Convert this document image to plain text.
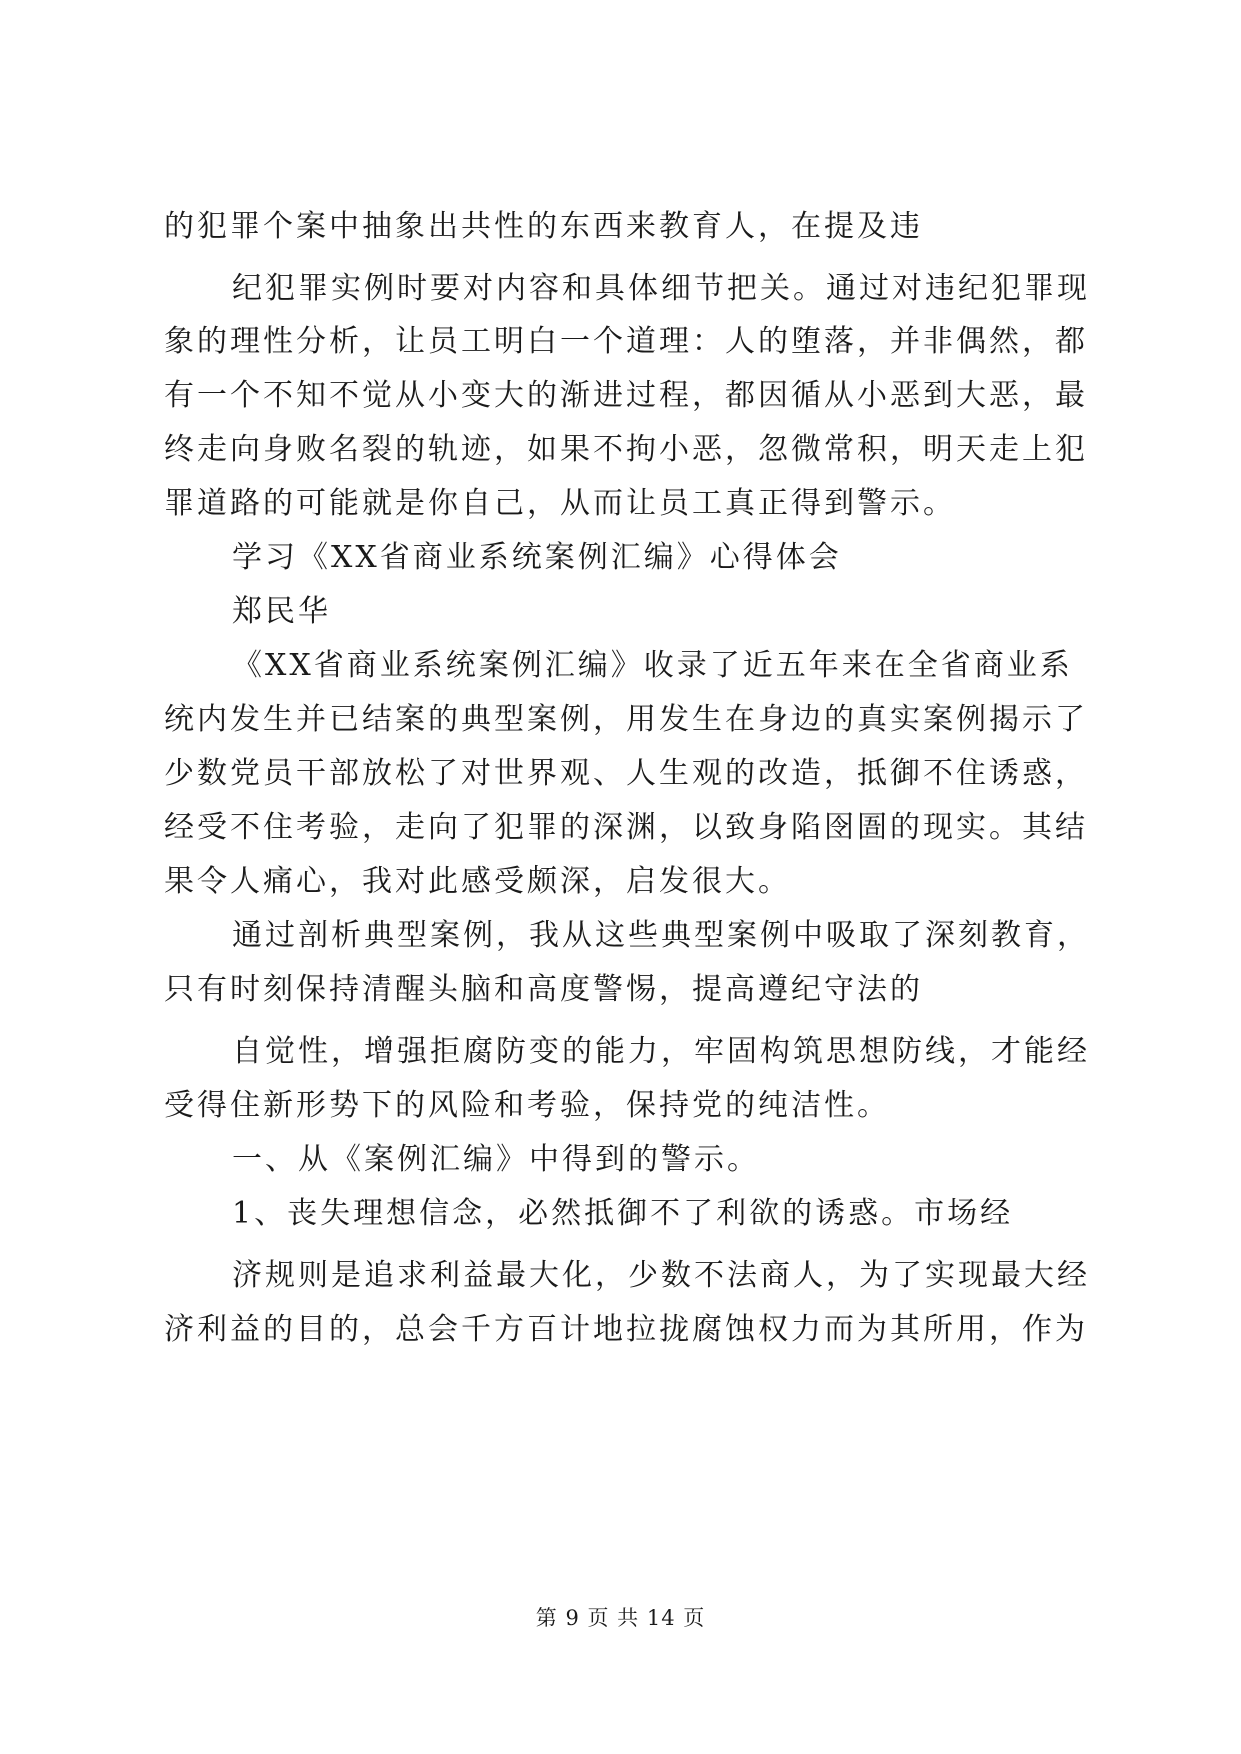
的犯罪个案中抽象出共性的东西来教育人，在提及违
纪犯罪实例时要对内容和具体细节把关。通过对违纪犯罪现
象的理性分析，让员工明白一个道理：人的堕落，并非偶然，都
有一个不知不觉从小变大的渐进过程，都因循从小恶到大恶，最
终走向身败名裂的轨迹，如果不拘小恶，忽微常积，明天走上犯
罪道路的可能就是你自己，从而让员工真正得到警示。
学习《XX省商业系统案例汇编》心得体会
郑民华
《XX省商业系统案例汇编》收录了近五年来在全省商业系
统内发生并已结案的典型案例，用发生在身边的真实案例揭示了
少数党员干部放松了对世界观、人生观的改造，抵御不住诱惑，
经受不住考验，走向了犯罪的深渊，以致身陷囹圄的现实。其结
果令人痛心，我对此感受颇深，启发很大。
通过剖析典型案例，我从这些典型案例中吸取了深刻教育，
只有时刻保持清醒头脑和高度警惕，提高遵纪守法的
自觉性，增强拒腐防变的能力，牢固构筑思想防线，才能经
受得住新形势下的风险和考验，保持党的纯洁性。
一、从《案例汇编》中得到的警示。
1、丧失理想信念，必然抵御不了利欲的诱惑。市场经
济规则是追求利益最大化，少数不法商人，为了实现最大经
济利益的目的，总会千方百计地拉拢腐蚀权力而为其所用，作为
第 9 页 共 14 页
